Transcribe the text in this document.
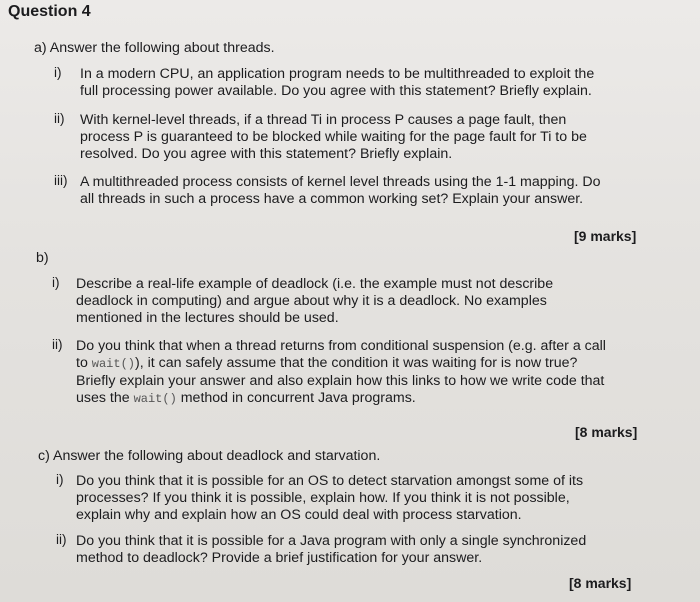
Question 4
a) Answer the following about threads.
i) In a modern CPU, an application program needs to be multithreaded to exploit the
full processing power available. Do you agree with this statement? Briefly explain.
ii) With kernel-level threads, if a thread Ti in process P causes a page fault, then
process P is guaranteed to be blocked while waiting for the page fault for Ti to be
resolved. Do you agree with this statement? Briefly explain.
iii) A multithreaded process consists of kernel level threads using the 1-1 mapping. Do
all threads in such a process have a common working set? Explain your answer.
[9 marks]
b)
i) Describe a real-life example of deadlock (i.e. the example must not describe
deadlock in computing) and argue about why it is a deadlock. No examples
mentioned in the lectures should be used.
ii) Do you think that when a thread returns from conditional suspension (e.g. after a call
to wait()), it can safely assume that the condition it was waiting for is now true?
Briefly explain your answer and also explain how this links to how we write code that
uses the wait() method in concurrent Java programs.
[8 marks]
c) Answer the following about deadlock and starvation.
i) Do you think that it is possible for an OS to detect starvation amongst some of its
processes? If you think it is possible, explain how. If you think it is not possible,
explain why and explain how an OS could deal with process starvation.
ii) Do you think that it is possible for a Java program with only a single synchronized
method to deadlock? Provide a brief justification for your answer.
[8 marks]
